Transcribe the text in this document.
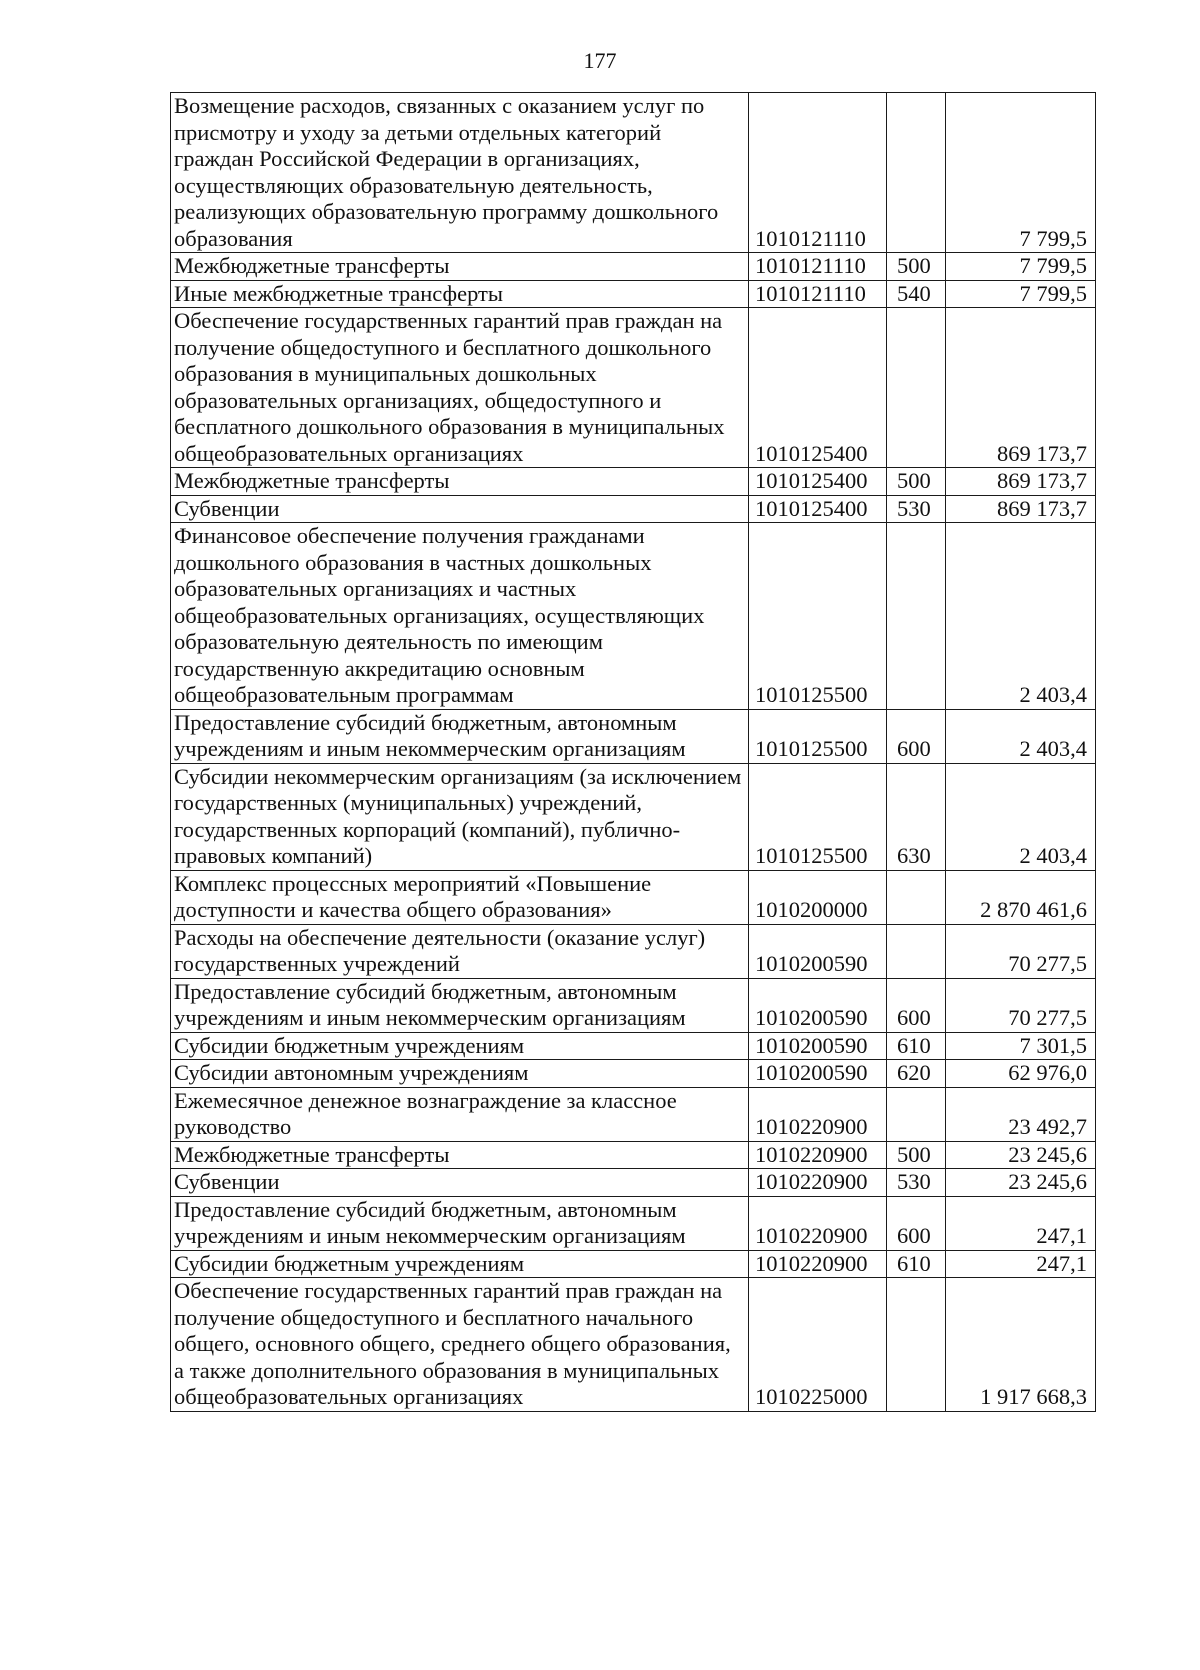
177
Возмещение расходов, связанных с оказанием услуг по присмотру и уходу за детьми отдельных категорий граждан Российской Федерации в организациях, осуществляющих образовательную деятельность, реализующих образовательную программу дошкольного образования	1010121110		7 799,5
Межбюджетные трансферты	1010121110	500	7 799,5
Иные межбюджетные трансферты	1010121110	540	7 799,5
Обеспечение государственных гарантий прав граждан на получение общедоступного и бесплатного дошкольного образования в муниципальных дошкольных образовательных организациях, общедоступного и бесплатного дошкольного образования в муниципальных общеобразовательных организациях	1010125400		869 173,7
Межбюджетные трансферты	1010125400	500	869 173,7
Субвенции	1010125400	530	869 173,7
Финансовое обеспечение получения гражданами дошкольного образования в частных дошкольных образовательных организациях и частных общеобразовательных организациях, осуществляющих образовательную деятельность по имеющим государственную аккредитацию основным общеобразовательным программам	1010125500		2 403,4
Предоставление субсидий бюджетным, автономным учреждениям и иным некоммерческим организациям	1010125500	600	2 403,4
Субсидии некоммерческим организациям (за исключением государственных (муниципальных) учреждений, государственных корпораций (компаний), публично-правовых компаний)	1010125500	630	2 403,4
Комплекс процессных мероприятий «Повышение доступности и качества общего образования»	1010200000		2 870 461,6
Расходы на обеспечение деятельности (оказание услуг) государственных учреждений	1010200590		70 277,5
Предоставление субсидий бюджетным, автономным учреждениям и иным некоммерческим организациям	1010200590	600	70 277,5
Субсидии бюджетным учреждениям	1010200590	610	7 301,5
Субсидии автономным учреждениям	1010200590	620	62 976,0
Ежемесячное денежное вознаграждение за классное руководство	1010220900		23 492,7
Межбюджетные трансферты	1010220900	500	23 245,6
Субвенции	1010220900	530	23 245,6
Предоставление субсидий бюджетным, автономным учреждениям и иным некоммерческим организациям	1010220900	600	247,1
Субсидии бюджетным учреждениям	1010220900	610	247,1
Обеспечение государственных гарантий прав граждан на получение общедоступного и бесплатного начального общего, основного общего, среднего общего образования, а также дополнительного образования в муниципальных общеобразовательных организациях	1010225000		1 917 668,3
